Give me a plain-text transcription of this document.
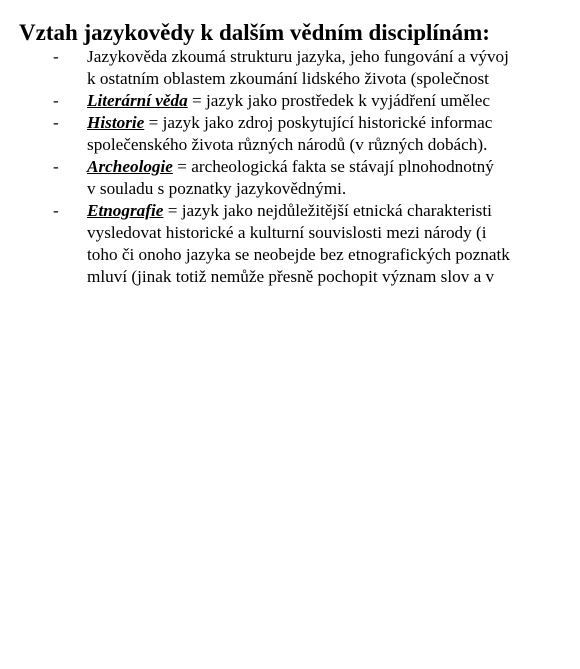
Vztah jazykovědy k dalším vědním disciplínám:
- Jazykověda zkoumá strukturu jazyka, jeho fungování a vývoj
k ostatním oblastem zkoumání lidského života (společnost
- Literární věda = jazyk jako prostředek k vyjádření umělec
- Historie = jazyk jako zdroj poskytující historické informac
společenského života různých národů (v různých dobách).
- Archeologie = archeologická fakta se stávají plnohodnotný
v souladu s poznatky jazykovědnými.
- Etnografie = jazyk jako nejdůležitější etnická charakteristi
vysledovat historické a kulturní souvislosti mezi národy (i
toho či onoho jazyka se neobejde bez etnografických poznatk
mluví (jinak totiž nemůže přesně pochopit význam slov a v
